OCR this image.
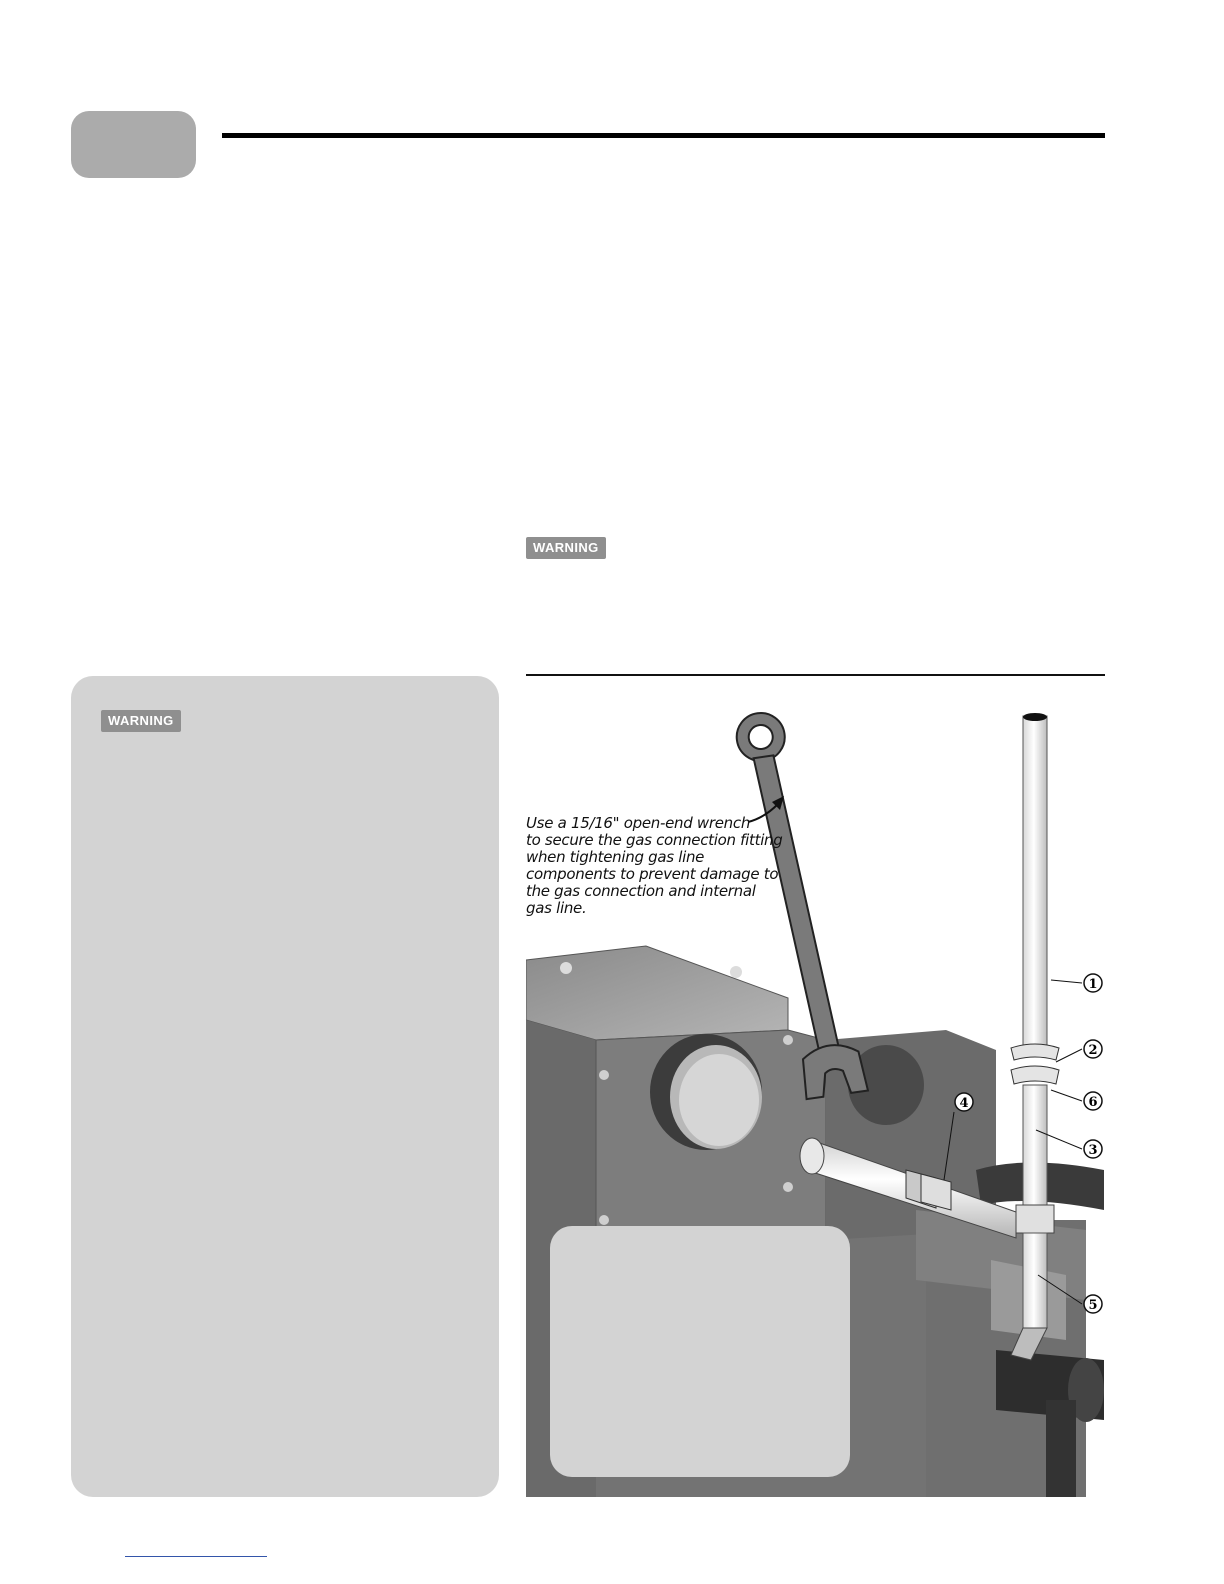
WARNING
WARNING
1
2
6
4
3
5

Use a 15/16" open-end wrench
to secure the gas connection fitting
when tightening gas line
components to prevent damage to
the gas connection and internal
gas line.
